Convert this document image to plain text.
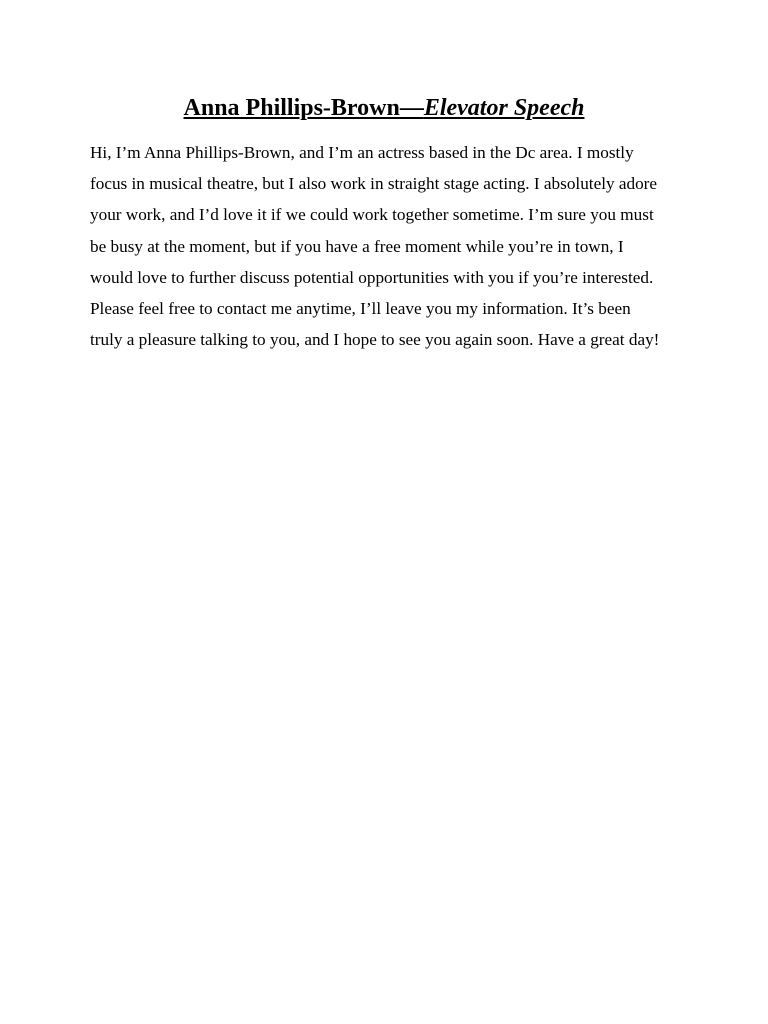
Anna Phillips-Brown—Elevator Speech
Hi, I’m Anna Phillips-Brown, and I’m an actress based in the Dc area. I mostly
focus in musical theatre, but I also work in straight stage acting. I absolutely adore
your work, and I’d love it if we could work together sometime. I’m sure you must
be busy at the moment, but if you have a free moment while you’re in town, I
would love to further discuss potential opportunities with you if you’re interested.
Please feel free to contact me anytime, I’ll leave you my information. It’s been
truly a pleasure talking to you, and I hope to see you again soon. Have a great day!
